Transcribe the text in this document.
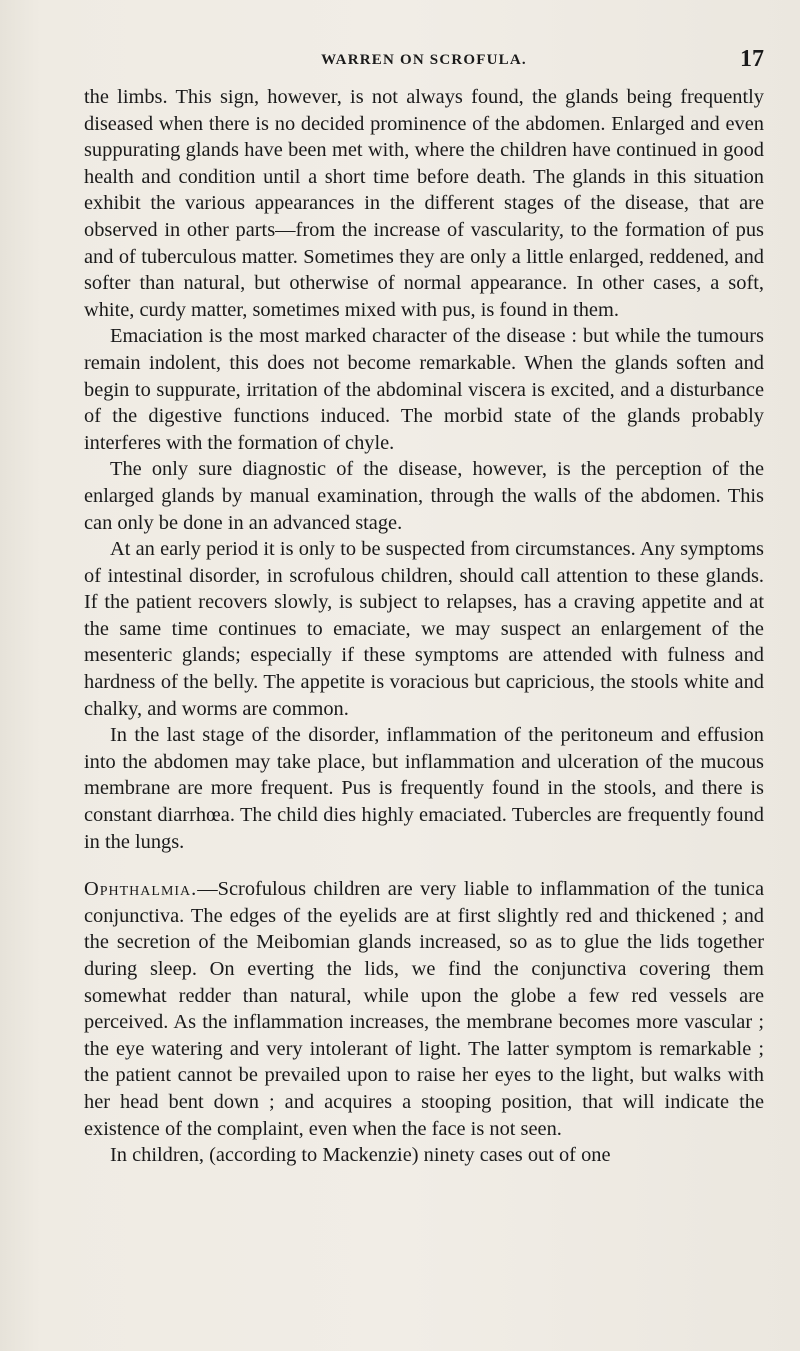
WARREN ON SCROFULA.	17

the limbs. This sign, however, is not always found, the glands being frequently diseased when there is no decided prominence of the abdomen. Enlarged and even suppurating glands have been met with, where the children have continued in good health and condition until a short time before death. The glands in this situation exhibit the various appearances in the different stages of the disease, that are observed in other parts—from the increase of vascularity, to the formation of pus and of tuberculous matter. Sometimes they are only a little enlarged, reddened, and softer than natural, but otherwise of normal appearance. In other cases, a soft, white, curdy matter, sometimes mixed with pus, is found in them.

Emaciation is the most marked character of the disease : but while the tumours remain indolent, this does not become remarkable. When the glands soften and begin to suppurate, irritation of the abdominal viscera is excited, and a disturbance of the digestive functions induced. The morbid state of the glands probably interferes with the formation of chyle.

The only sure diagnostic of the disease, however, is the perception of the enlarged glands by manual examination, through the walls of the abdomen. This can only be done in an advanced stage.

At an early period it is only to be suspected from circumstances. Any symptoms of intestinal disorder, in scrofulous children, should call attention to these glands. If the patient recovers slowly, is subject to relapses, has a craving appetite and at the same time continues to emaciate, we may suspect an enlargement of the mesenteric glands; especially if these symptoms are attended with fulness and hardness of the belly. The appetite is voracious but capricious, the stools white and chalky, and worms are common.

In the last stage of the disorder, inflammation of the peritoneum and effusion into the abdomen may take place, but inflammation and ulceration of the mucous membrane are more frequent. Pus is frequently found in the stools, and there is constant diarrhœa. The child dies highly emaciated. Tubercles are frequently found in the lungs.

Ophthalmia.—Scrofulous children are very liable to inflammation of the tunica conjunctiva. The edges of the eyelids are at first slightly red and thickened ; and the secretion of the Meibomian glands increased, so as to glue the lids together during sleep. On everting the lids, we find the conjunctiva covering them somewhat redder than natural, while upon the globe a few red vessels are perceived. As the inflammation increases, the membrane becomes more vascular ; the eye watering and very intolerant of light. The latter symptom is remarkable ; the patient cannot be prevailed upon to raise her eyes to the light, but walks with her head bent down ; and acquires a stooping position, that will indicate the existence of the complaint, even when the face is not seen.

In children, (according to Mackenzie) ninety cases out of one
